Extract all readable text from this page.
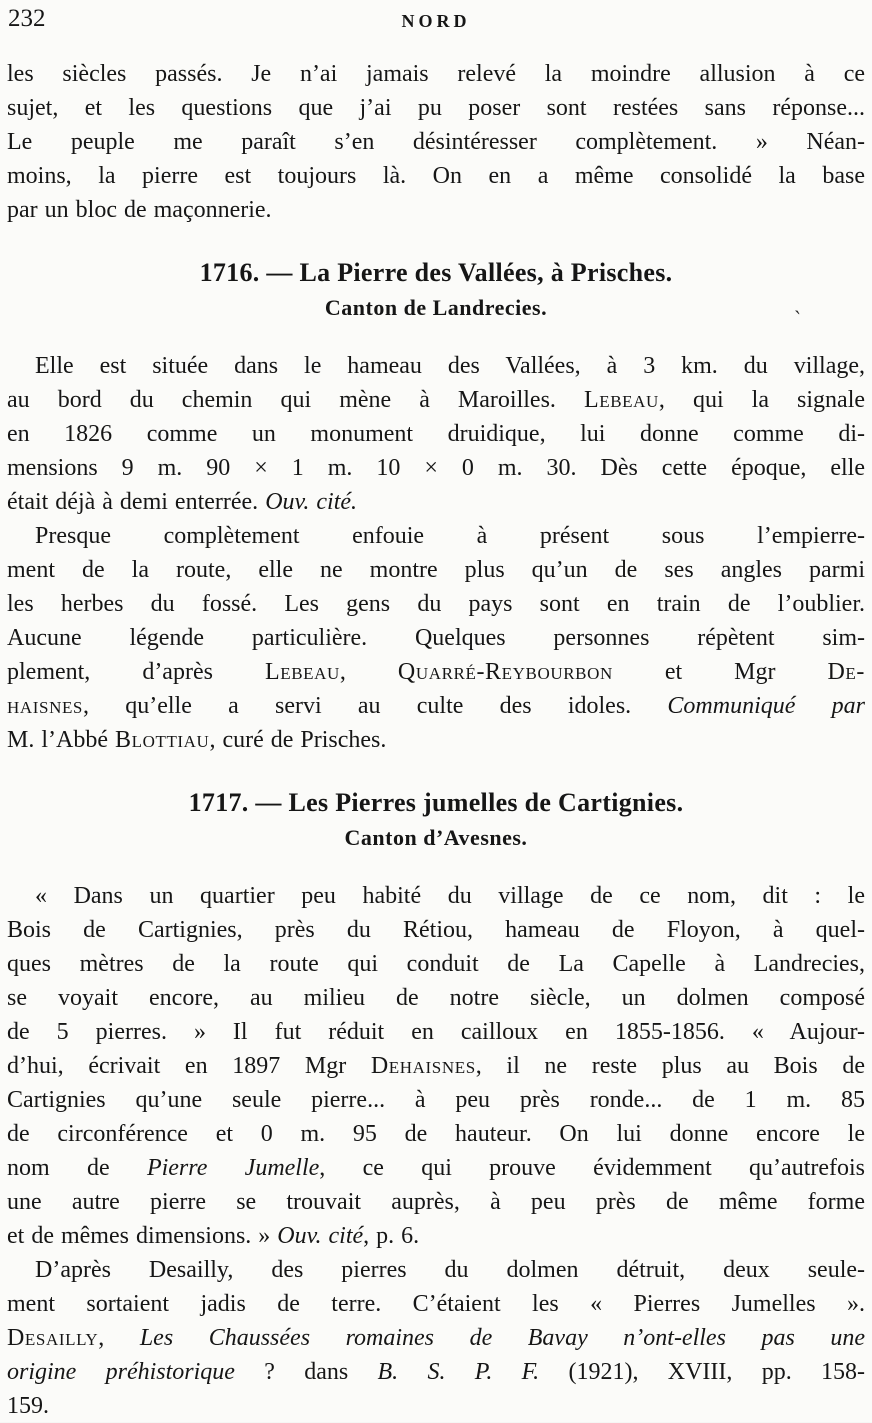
232	NORD
les siècles passés. Je n’ai jamais relevé la moindre allusion à ce
sujet, et les questions que j’ai pu poser sont restées sans réponse...
Le peuple me paraît s’en désintéresser complètement. » Néan-
moins, la pierre est toujours là. On en a même consolidé la base
par un bloc de maçonnerie.
1716. — La Pierre des Vallées, à Prisches.
Canton de Landrecies.
Elle est située dans le hameau des Vallées, à 3 km. du village,
au bord du chemin qui mène à Maroilles. Lebeau, qui la signale
en 1826 comme un monument druidique, lui donne comme di-
mensions 9 m. 90 × 1 m. 10 × 0 m. 30. Dès cette époque, elle
était déjà à demi enterrée. Ouv. cité.
Presque complètement enfouie à présent sous l’empierre-
ment de la route, elle ne montre plus qu’un de ses angles parmi
les herbes du fossé. Les gens du pays sont en train de l’oublier.
Aucune légende particulière. Quelques personnes répètent sim-
plement, d’après Lebeau, Quarré-Reybourbon et Mgr De-
haisnes, qu’elle a servi au culte des idoles. Communiqué par
M. l’Abbé Blottiau, curé de Prisches.
1717. — Les Pierres jumelles de Cartignies.
Canton d’Avesnes.
« Dans un quartier peu habité du village de ce nom, dit : le
Bois de Cartignies, près du Rétiou, hameau de Floyon, à quel-
ques mètres de la route qui conduit de La Capelle à Landrecies,
se voyait encore, au milieu de notre siècle, un dolmen composé
de 5 pierres. » Il fut réduit en cailloux en 1855-1856. « Aujour-
d’hui, écrivait en 1897 Mgr Dehaisnes, il ne reste plus au Bois de
Cartignies qu’une seule pierre... à peu près ronde... de 1 m. 85
de circonférence et 0 m. 95 de hauteur. On lui donne encore le
nom de Pierre Jumelle, ce qui prouve évidemment qu’autrefois
une autre pierre se trouvait auprès, à peu près de même forme
et de mêmes dimensions. » Ouv. cité, p. 6.
D’après Desailly, des pierres du dolmen détruit, deux seule-
ment sortaient jadis de terre. C’étaient les « Pierres Jumelles ».
Desailly, Les Chaussées romaines de Bavay n’ont-elles pas une
origine préhistorique ? dans B. S. P. F. (1921), XVIII, pp. 158-
159.
`
